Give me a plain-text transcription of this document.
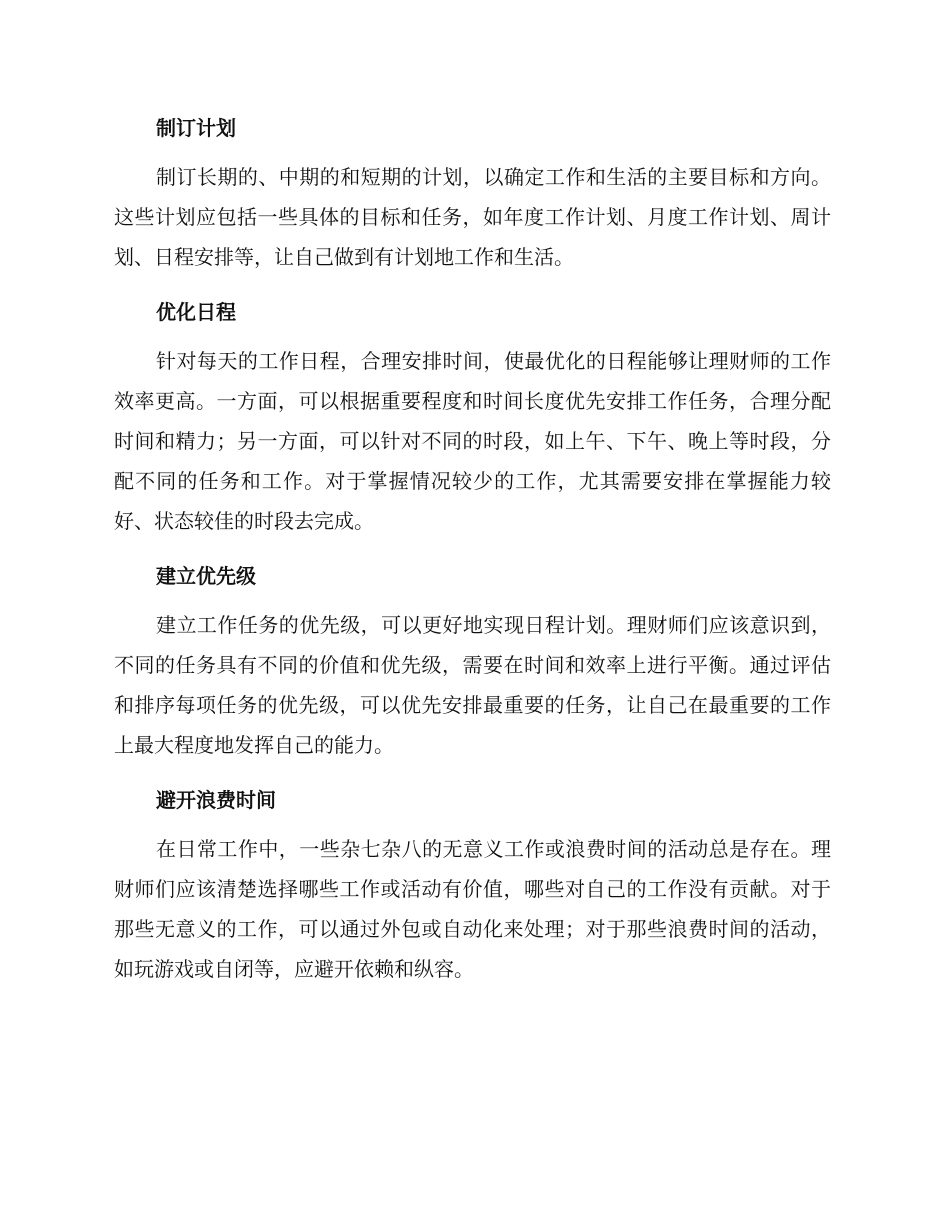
制订计划

制订长期的、中期的和短期的计划，以确定工作和生活的主要目标和方向。这些计划应包括一些具体的目标和任务，如年度工作计划、月度工作计划、周计划、日程安排等，让自己做到有计划地工作和生活。

优化日程

针对每天的工作日程，合理安排时间，使最优化的日程能够让理财师的工作效率更高。一方面，可以根据重要程度和时间长度优先安排工作任务，合理分配时间和精力；另一方面，可以针对不同的时段，如上午、下午、晚上等时段，分配不同的任务和工作。对于掌握情况较少的工作，尤其需要安排在掌握能力较好、状态较佳的时段去完成。

建立优先级

建立工作任务的优先级，可以更好地实现日程计划。理财师们应该意识到，不同的任务具有不同的价值和优先级，需要在时间和效率上进行平衡。通过评估和排序每项任务的优先级，可以优先安排最重要的任务，让自己在最重要的工作上最大程度地发挥自己的能力。

避开浪费时间

在日常工作中，一些杂七杂八的无意义工作或浪费时间的活动总是存在。理财师们应该清楚选择哪些工作或活动有价值，哪些对自己的工作没有贡献。对于那些无意义的工作，可以通过外包或自动化来处理；对于那些浪费时间的活动，如玩游戏或自闭等，应避开依赖和纵容。
